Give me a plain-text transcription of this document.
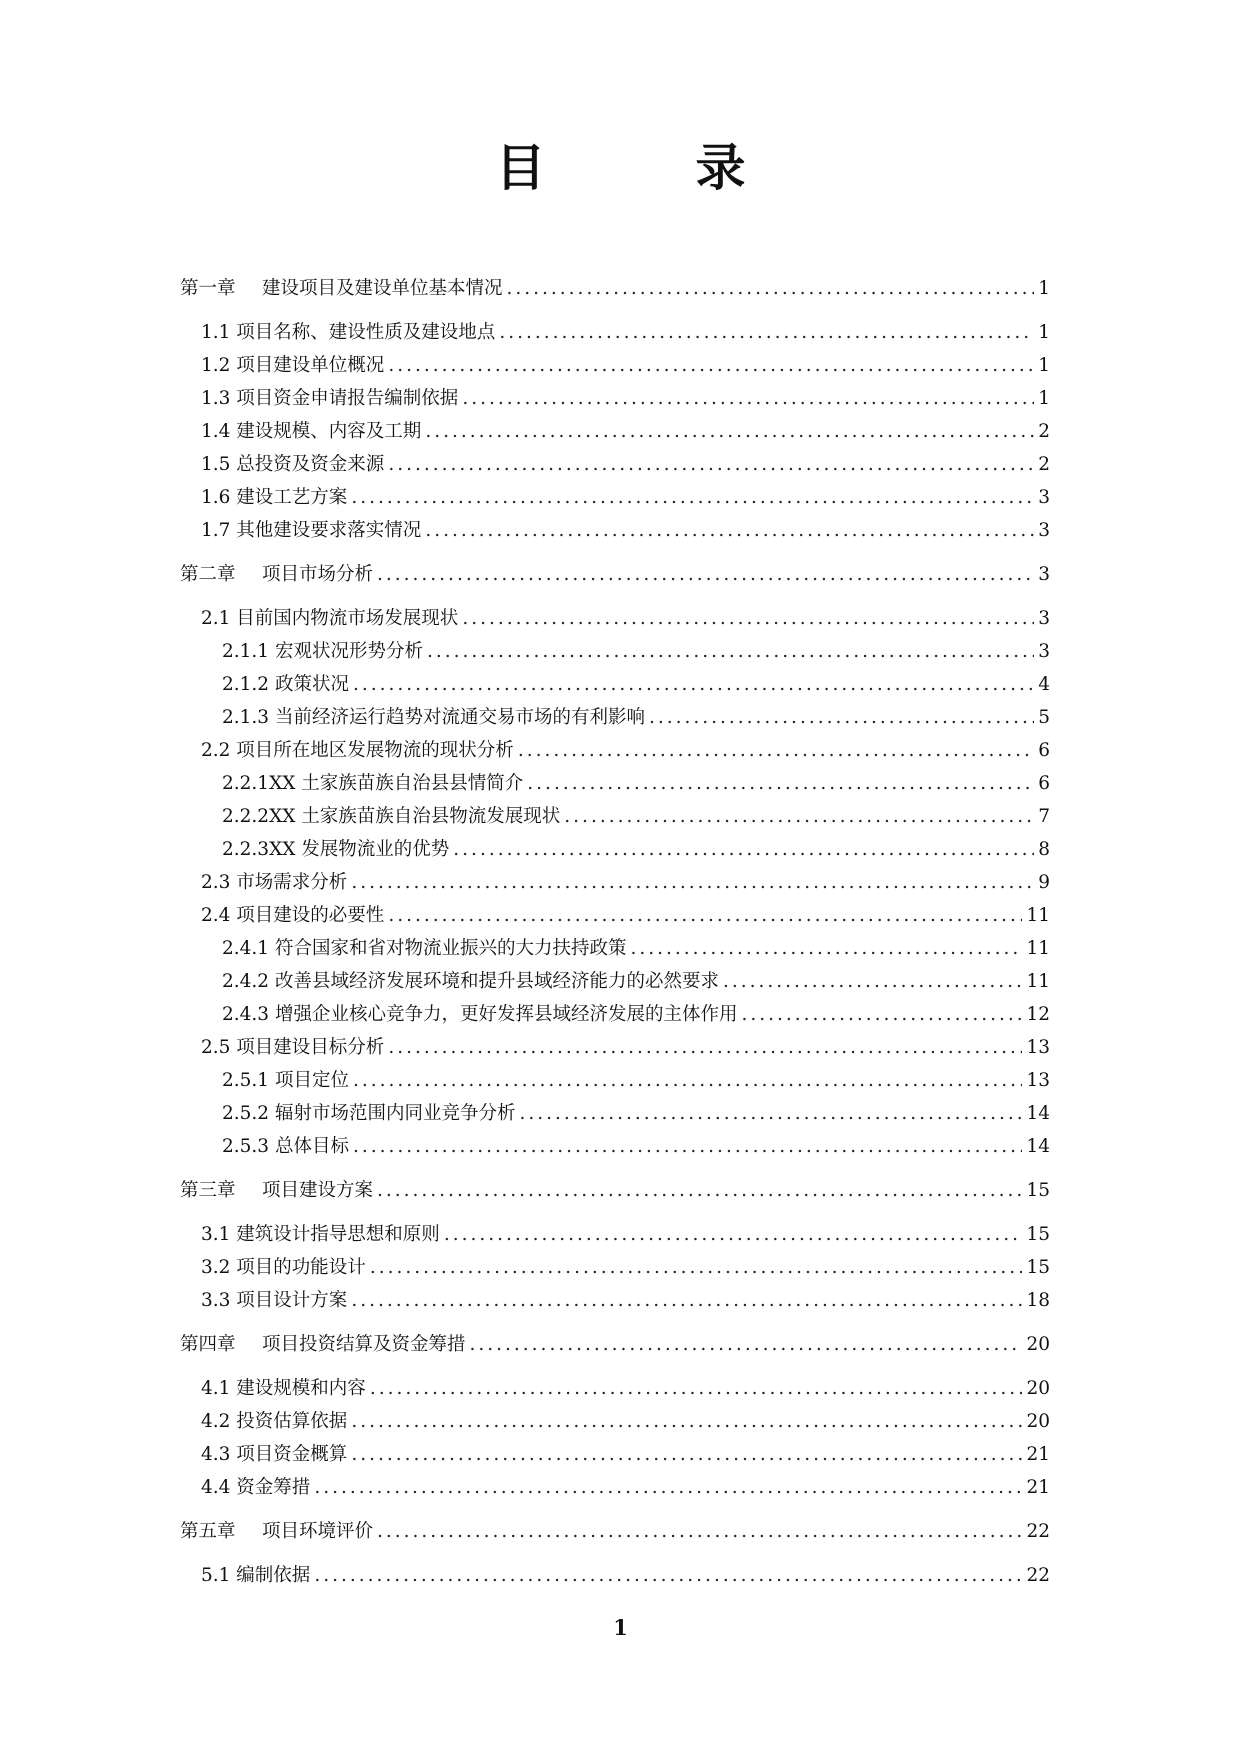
目	录
第一章 建设项目及建设单位基本情况 .....	1
1.1 项目名称、建设性质及建设地点 .....	1
1.2 项目建设单位概况 .....	1
1.3 项目资金申请报告编制依据 .....	1
1.4 建设规模、内容及工期 .....	2
1.5 总投资及资金来源 .....	2
1.6 建设工艺方案 .....	3
1.7 其他建设要求落实情况 .....	3
第二章 项目市场分析 .....	3
2.1 目前国内物流市场发展现状 .....	3
2.1.1 宏观状况形势分析 .....	3
2.1.2 政策状况 .....	4
2.1.3 当前经济运行趋势对流通交易市场的有利影响 .....	5
2.2 项目所在地区发展物流的现状分析 .....	6
2.2.1XX 土家族苗族自治县县情简介 .....	6
2.2.2XX 土家族苗族自治县物流发展现状 .....	7
2.2.3XX 发展物流业的优势 .....	8
2.3 市场需求分析 .....	9
2.4 项目建设的必要性 .....	11
2.4.1 符合国家和省对物流业振兴的大力扶持政策 .....	11
2.4.2 改善县域经济发展环境和提升县域经济能力的必然要求 .....	11
2.4.3 增强企业核心竞争力，更好发挥县域经济发展的主体作用 .....	12
2.5 项目建设目标分析 .....	13
2.5.1 项目定位 .....	13
2.5.2 辐射市场范围内同业竞争分析 .....	14
2.5.3 总体目标 .....	14
第三章 项目建设方案 .....	15
3.1 建筑设计指导思想和原则 .....	15
3.2 项目的功能设计 .....	15
3.3 项目设计方案 .....	18
第四章 项目投资结算及资金筹措 .....	20
4.1 建设规模和内容 .....	20
4.2 投资估算依据 .....	20
4.3 项目资金概算 .....	21
4.4 资金筹措 .....	21
第五章 项目环境评价 .....	22
5.1 编制依据 .....	22
1
